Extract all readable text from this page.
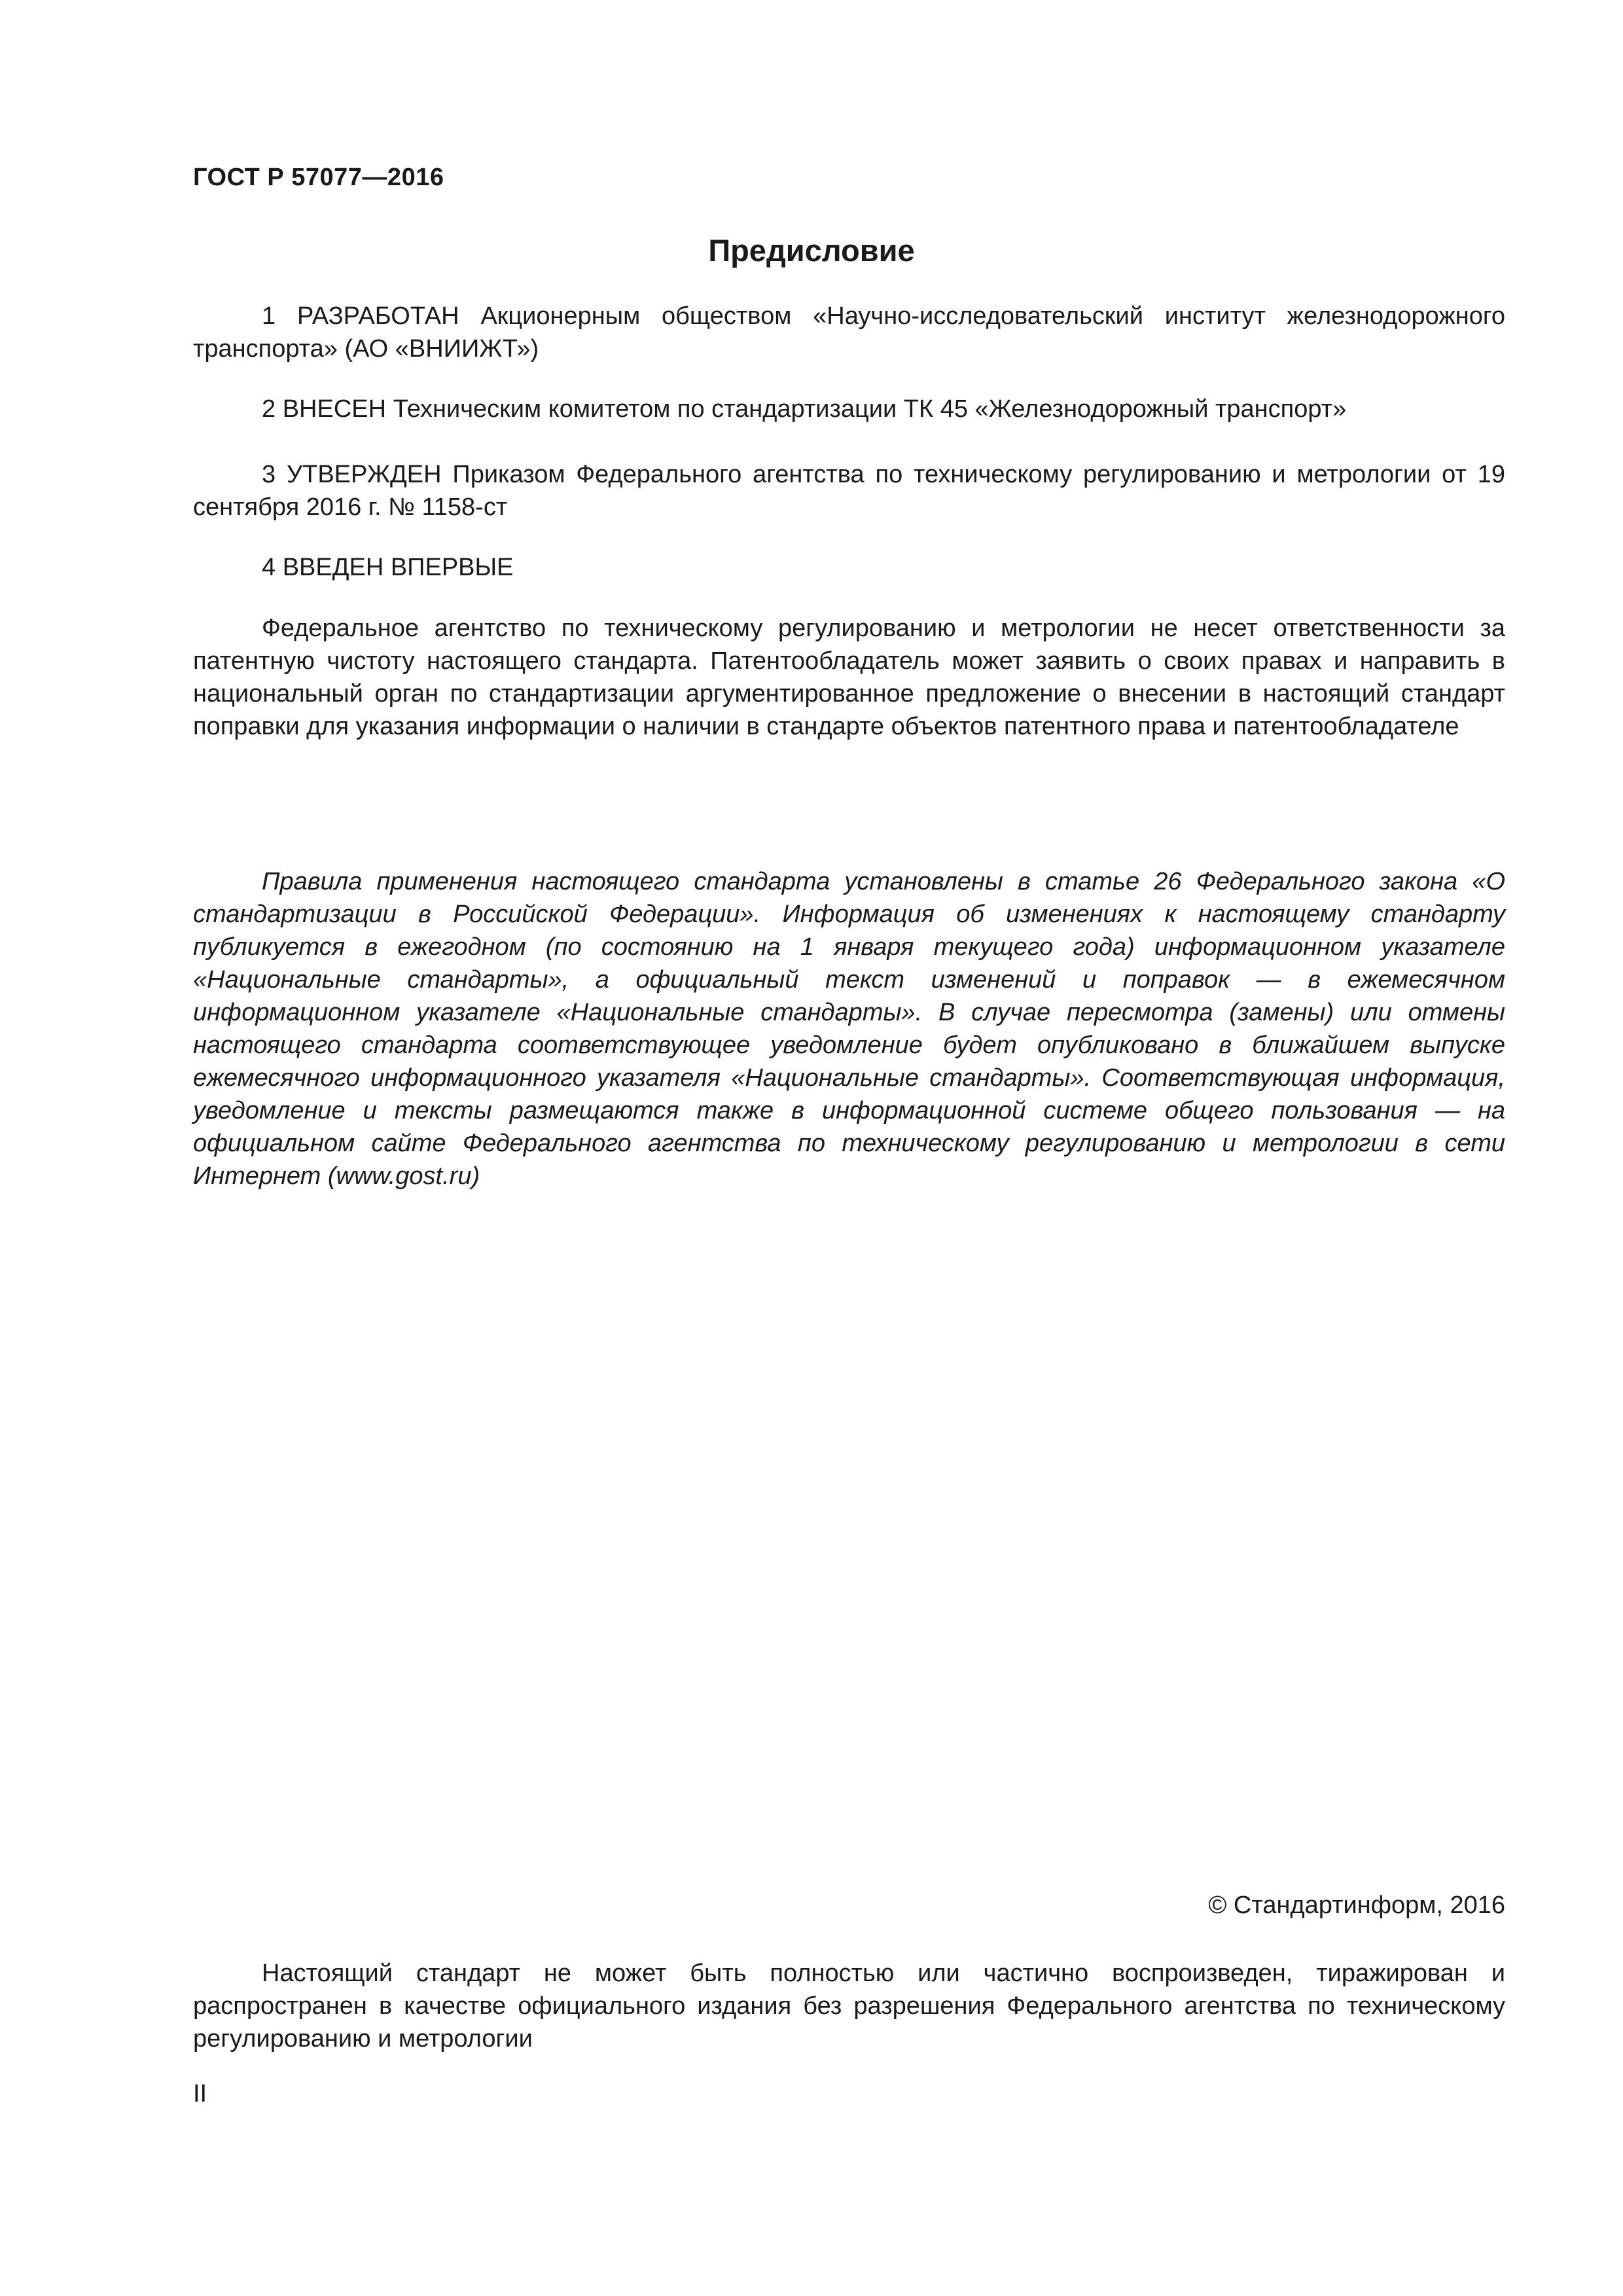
ГОСТ Р 57077—2016
Предисловие

1 РАЗРАБОТАН Акционерным обществом «Научно-исследовательский институт железнодорожного транспорта» (АО «ВНИИЖТ»)

2 ВНЕСЕН Техническим комитетом по стандартизации ТК 45 «Железнодорожный транспорт»

3 УТВЕРЖДЕН Приказом Федерального агентства по техническому регулированию и метрологии от 19 сентября 2016 г. № 1158-ст

4 ВВЕДЕН ВПЕРВЫЕ

Федеральное агентство по техническому регулированию и метрологии не несет ответственности за патентную чистоту настоящего стандарта. Патентообладатель может заявить о своих правах и направить в национальный орган по стандартизации аргументированное предложение о внесении в настоящий стандарт поправки для указания информации о наличии в стандарте объектов патентного права и патентообладателе

Правила применения настоящего стандарта установлены в статье 26 Федерального закона «О стандартизации в Российской Федерации». Информация об изменениях к настоящему стандарту публикуется в ежегодном (по состоянию на 1 января текущего года) информационном указателе «Национальные стандарты», а официальный текст изменений и поправок — в ежемесячном информационном указателе «Национальные стандарты». В случае пересмотра (замены) или отмены настоящего стандарта соответствующее уведомление будет опубликовано в ближайшем выпуске ежемесячного информационного указателя «Национальные стандарты». Соответствующая информация, уведомление и тексты размещаются также в информационной системе общего пользования — на официальном сайте Федерального агентства по техническому регулированию и метрологии в сети Интернет (www.gost.ru)

© Стандартинформ, 2016

Настоящий стандарт не может быть полностью или частично воспроизведен, тиражирован и распространен в качестве официального издания без разрешения Федерального агентства по техническому регулированию и метрологии

II
